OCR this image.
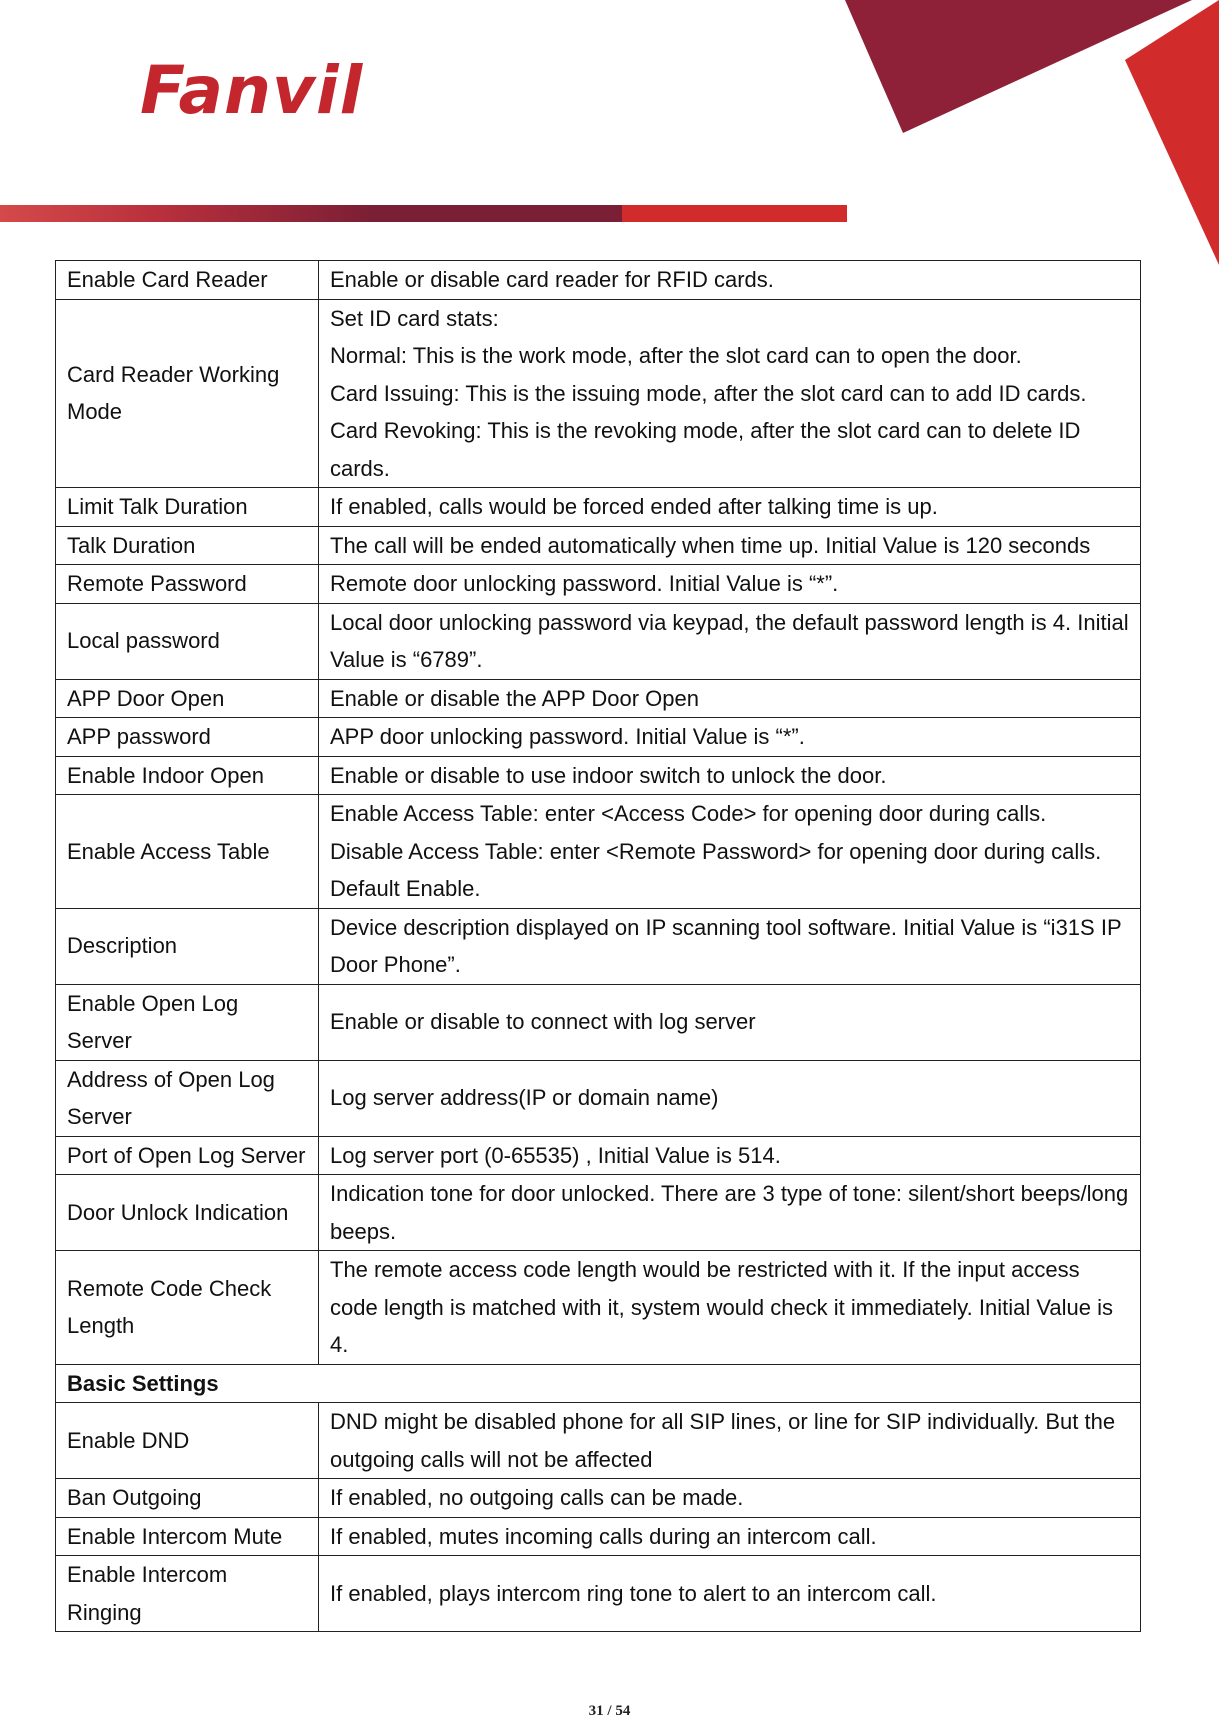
Fanvil
Enable Card Reader	Enable or disable card reader for RFID cards.

Card Reader Working Mode	Set ID card stats:
Normal: This is the work mode, after the slot card can to open the door.
Card Issuing: This is the issuing mode, after the slot card can to add ID cards.
Card Revoking: This is the revoking mode, after the slot card can to delete ID cards.

Limit Talk Duration	If enabled, calls would be forced ended after talking time is up.

Talk Duration	The call will be ended automatically when time up. Initial Value is 120 seconds

Remote Password	Remote door unlocking password. Initial Value is “*”.

Local password	Local door unlocking password via keypad, the default password length is 4. Initial Value is “6789”.

APP Door Open	Enable or disable the APP Door Open

APP password	APP door unlocking password. Initial Value is “*”.

Enable Indoor Open	Enable or disable to use indoor switch to unlock the door.

Enable Access Table	Enable Access Table: enter <Access Code> for opening door during calls.
Disable Access Table: enter <Remote Password> for opening door during calls.
Default Enable.

Description	Device description displayed on IP scanning tool software. Initial Value is “i31S IP Door Phone”.

Enable Open Log Server	Enable or disable to connect with log server

Address of Open Log Server	Log server address(IP or domain name)

Port of Open Log Server	Log server port (0-65535) , Initial Value is 514.

Door Unlock Indication	Indication tone for door unlocked. There are 3 type of tone: silent/short beeps/long beeps.

Remote Code Check Length	The remote access code length would be restricted with it. If the input access code length is matched with it, system would check it immediately. Initial Value is 4.

Basic Settings	
Enable DND	DND might be disabled phone for all SIP lines, or line for SIP individually. But the outgoing calls will not be affected

Ban Outgoing	If enabled, no outgoing calls can be made.

Enable Intercom Mute	If enabled, mutes incoming calls during an intercom call.

Enable Intercom Ringing	If enabled, plays intercom ring tone to alert to an intercom call.
31 / 54
